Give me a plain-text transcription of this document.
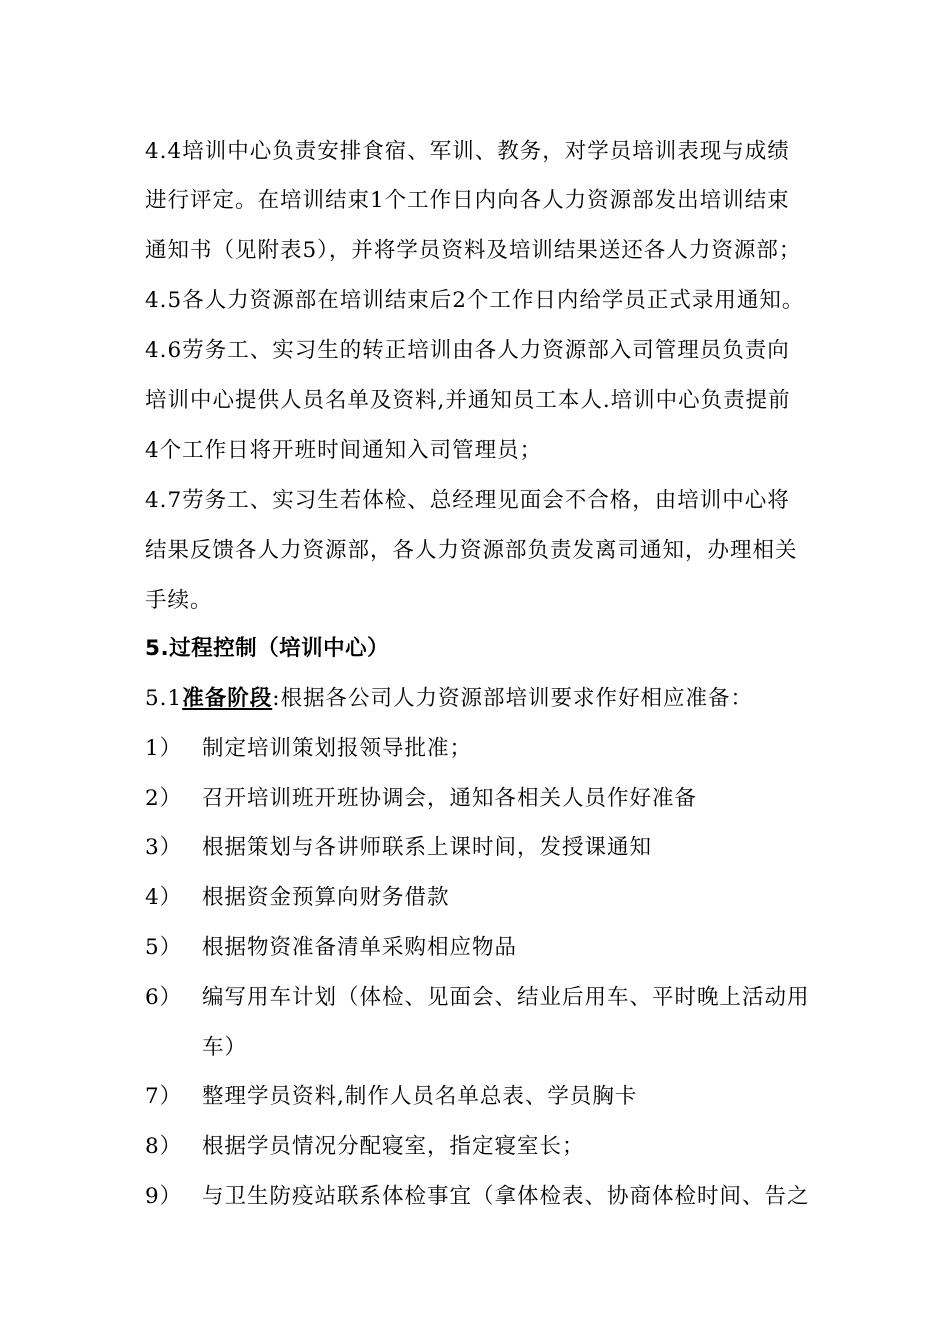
4.4培训中心负责安排食宿、军训、教务，对学员培训表现与成绩
进行评定。在培训结束1个工作日内向各人力资源部发出培训结束
通知书（见附表5），并将学员资料及培训结果送还各人力资源部；
4.5各人力资源部在培训结束后2个工作日内给学员正式录用通知。
4.6劳务工、实习生的转正培训由各人力资源部入司管理员负责向
培训中心提供人员名单及资料,并通知员工本人.培训中心负责提前
4个工作日将开班时间通知入司管理员；
4.7劳务工、实习生若体检、总经理见面会不合格，由培训中心将
结果反馈各人力资源部，各人力资源部负责发离司通知，办理相关
手续。
5.过程控制（培训中心）
5.1准备阶段:根据各公司人力资源部培训要求作好相应准备：
1） 制定培训策划报领导批准；
2） 召开培训班开班协调会，通知各相关人员作好准备
3） 根据策划与各讲师联系上课时间，发授课通知
4） 根据资金预算向财务借款
5） 根据物资准备清单采购相应物品
6） 编写用车计划（体检、见面会、结业后用车、平时晚上活动用
车）
7） 整理学员资料,制作人员名单总表、学员胸卡
8） 根据学员情况分配寝室，指定寝室长；
9） 与卫生防疫站联系体检事宜（拿体检表、协商体检时间、告之
